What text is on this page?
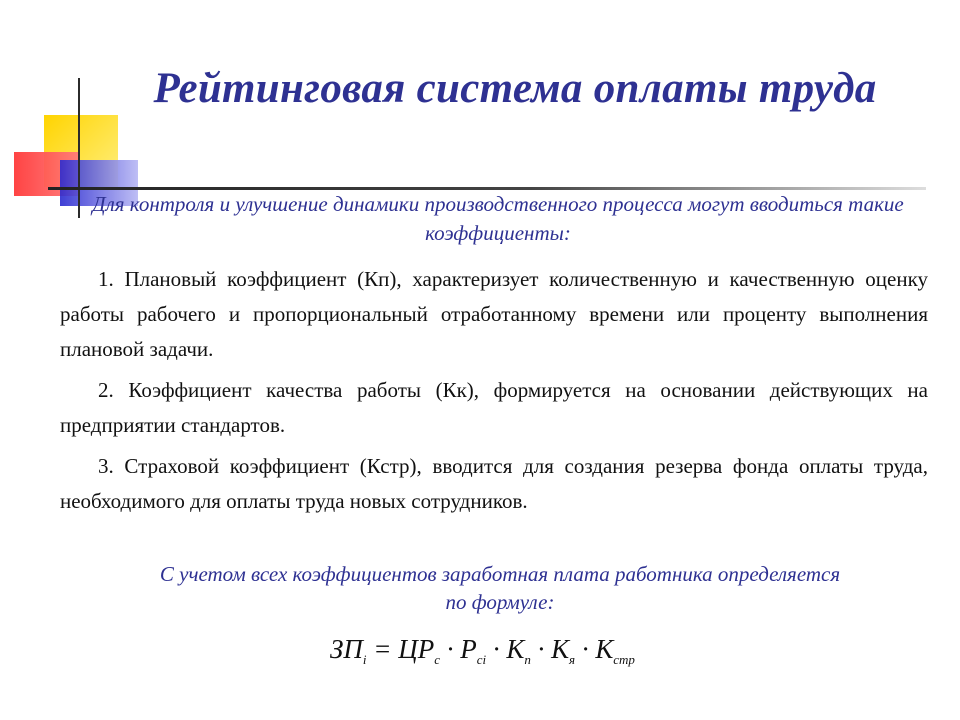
Рейтинговая система оплаты труда
Для контроля и улучшение динамики производственного процесса могут вводиться такие коэффициенты:

1. Плановый коэффициент (Кп), характеризует количественную и качественную оценку работы рабочего и пропорциональный отработанному времени или проценту выполнения плановой задачи.

2. Коэффициент качества работы (Кк), формируется на основании действующих на предприятии стандартов.

3. Страховой коэффициент (Кстр), вводится для создания резерва фонда оплаты труда, необходимого для оплаты труда новых сотрудников.

С учетом всех коэффициентов заработная плата работника определяется по формуле:
$ЗП_i = ЦР_с \cdot Р_{сi} \cdot К_п \cdot К_я \cdot К_{стр}$
